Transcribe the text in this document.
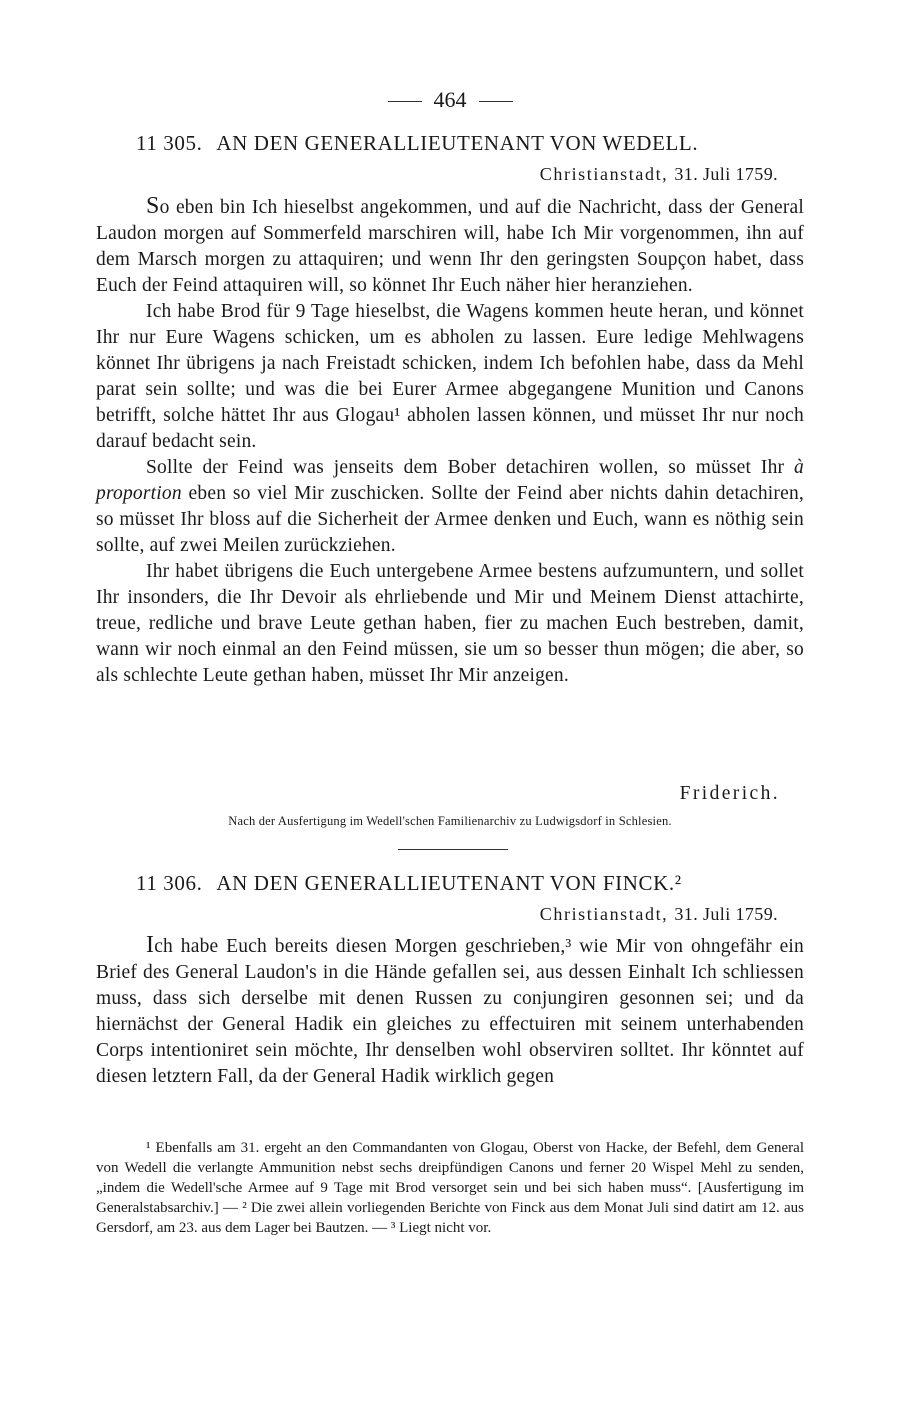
464
11 305. AN DEN GENERALLIEUTENANT VON WEDELL.
Christianstadt, 31. Juli 1759.

So eben bin Ich hieselbst angekommen, und auf die Nachricht, dass der General Laudon morgen auf Sommerfeld marschiren will, habe Ich Mir vorgenommen, ihn auf dem Marsch morgen zu attaquiren; und wenn Ihr den geringsten Soupçon habet, dass Euch der Feind attaquiren will, so könnet Ihr Euch näher hier heranziehen.

Ich habe Brod für 9 Tage hieselbst, die Wagens kommen heute heran, und könnet Ihr nur Eure Wagens schicken, um es abholen zu lassen. Eure ledige Mehlwagens könnet Ihr übrigens ja nach Freistadt schicken, indem Ich befohlen habe, dass da Mehl parat sein sollte; und was die bei Eurer Armee abgegangene Munition und Canons betrifft, solche hättet Ihr aus Glogau¹ abholen lassen können, und müsset Ihr nur noch darauf bedacht sein.

Sollte der Feind was jenseits dem Bober detachiren wollen, so müsset Ihr à proportion eben so viel Mir zuschicken. Sollte der Feind aber nichts dahin detachiren, so müsset Ihr bloss auf die Sicherheit der Armee denken und Euch, wann es nöthig sein sollte, auf zwei Meilen zurückziehen.

Ihr habet übrigens die Euch untergebene Armee bestens aufzumuntern, und sollet Ihr insonders, die Ihr Devoir als ehrliebende und Mir und Meinem Dienst attachirte, treue, redliche und brave Leute gethan haben, fier zu machen Euch bestreben, damit, wann wir noch einmal an den Feind müssen, sie um so besser thun mögen; die aber, so als schlechte Leute gethan haben, müsset Ihr Mir anzeigen.

Friderich.
Nach der Ausfertigung im Wedell'schen Familienarchiv zu Ludwigsdorf in Schlesien.
11 306. AN DEN GENERALLIEUTENANT VON FINCK.²
Christianstadt, 31. Juli 1759.

Ich habe Euch bereits diesen Morgen geschrieben,³ wie Mir von ohngefähr ein Brief des General Laudon's in die Hände gefallen sei, aus dessen Einhalt Ich schliessen muss, dass sich derselbe mit denen Russen zu conjungiren gesonnen sei; und da hiernächst der General Hadik ein gleiches zu effectuiren mit seinem unterhabenden Corps intentioniret sein möchte, Ihr denselben wohl observiren solltet. Ihr könntet auf diesen letztern Fall, da der General Hadik wirklich gegen

¹ Ebenfalls am 31. ergeht an den Commandanten von Glogau, Oberst von Hacke, der Befehl, dem General von Wedell die verlangte Ammunition nebst sechs dreipfündigen Canons und ferner 20 Wispel Mehl zu senden, „indem die Wedell'sche Armee auf 9 Tage mit Brod versorget sein und bei sich haben muss“. [Ausfertigung im Generalstabsarchiv.] — ² Die zwei allein vorliegenden Berichte von Finck aus dem Monat Juli sind datirt am 12. aus Gersdorf, am 23. aus dem Lager bei Bautzen. — ³ Liegt nicht vor.
